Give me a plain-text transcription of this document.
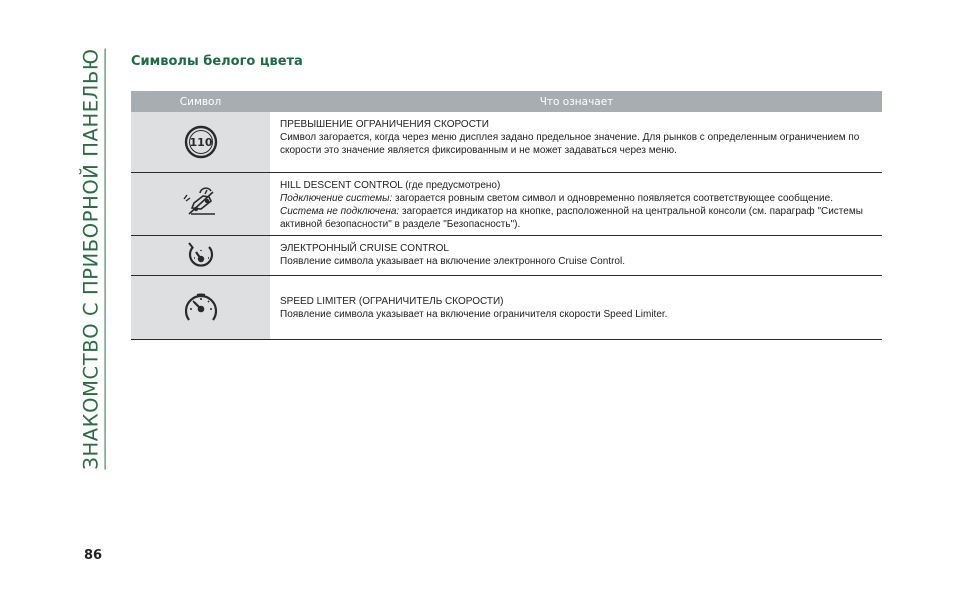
ЗНАКОМСТВО С ПРИБОРНОЙ ПАНЕЛЬЮ Символы белого цвета
Символ	Что означает
110
ПРЕВЫШЕНИЕ ОГРАНИЧЕНИЯ СКОРОСТИ
Символ загорается, когда через меню дисплея задано предельное значение. Для рынков с определенным ограничением по скорости это значение является фиксированным и не может задаваться через меню.
HILL DESCENT CONTROL (где предусмотрено)
Подключение системы: загорается ровным светом символ и одновременно появляется соответствующее сообщение.
Система не подключена: загорается индикатор на кнопке, расположенной на центральной консоли (см. параграф "Системы активной безопасности" в разделе "Безопасность").
ЭЛЕКТРОННЫЙ CRUISE CONTROL
Появление символа указывает на включение электронного Cruise Control.
SPEED LIMITER (ОГРАНИЧИТЕЛЬ СКОРОСТИ)
Появление символа указывает на включение ограничителя скорости Speed Limiter.
86
